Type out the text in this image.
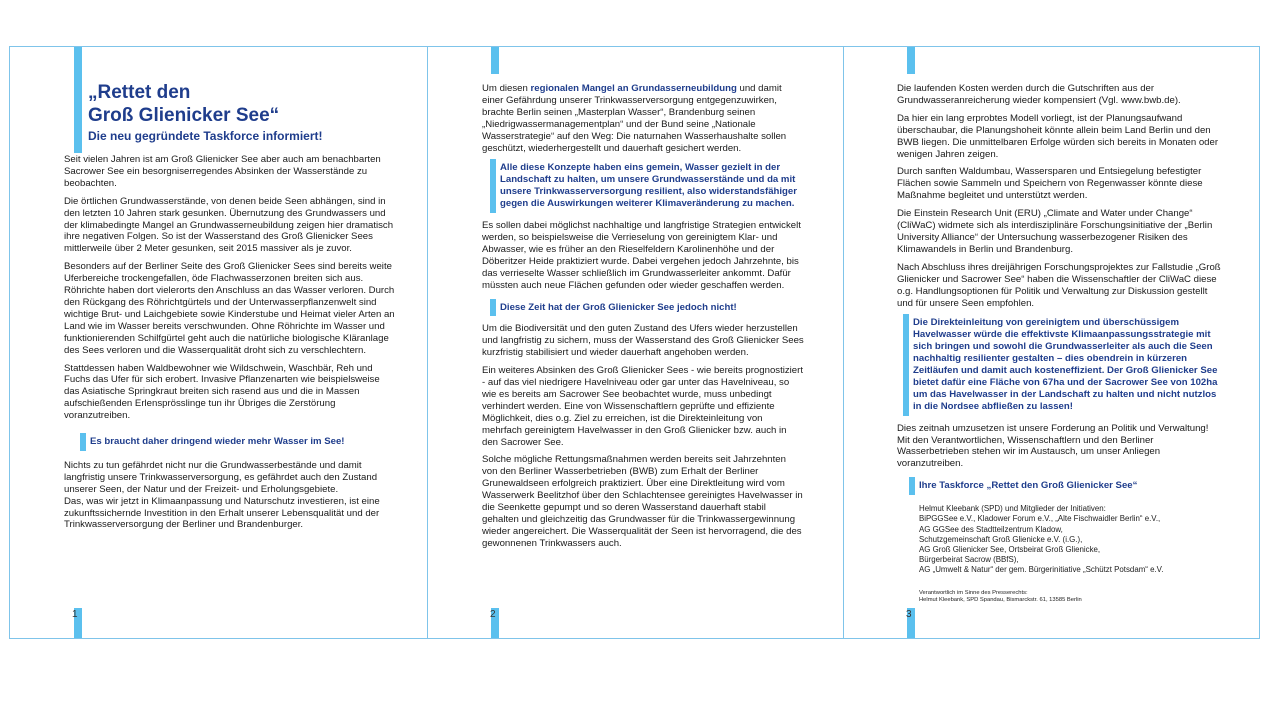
„Rettet den
Groß Glienicker See“
Die neu gegründete Taskforce informiert!

Seit vielen Jahren ist am Groß Glienicker See aber auch am benachbarten Sacrower See ein besorgniserregendes Absinken der Wasserstände zu beobachten.

Die örtlichen Grundwasserstände, von denen beide Seen abhängen, sind in den letzten 10 Jahren stark gesunken. Übernutzung des Grundwassers und der klimabedingte Mangel an Grundwasserneubildung zeigen hier dramatisch ihre negativen Folgen. So ist der Wasserstand des Groß Glienicker Sees mittlerweile über 2 Meter gesunken, seit 2015 massiver als je zuvor.

Besonders auf der Berliner Seite des Groß Glienicker Sees sind bereits weite Uferbereiche trockengefallen, öde Flachwasserzonen breiten sich aus. Röhrichte haben dort vielerorts den Anschluss an das Wasser verloren. Durch den Rückgang des Röhrichtgürtels und der Unterwasserpflanzenwelt sind wichtige Brut- und Laichgebiete sowie Kinderstube und Heimat vieler Arten an Land wie im Wasser bereits verschwunden. Ohne Röhrichte im Wasser und funktionierenden Schilfgürtel geht auch die natürliche biologische Kläranlage des Sees verloren und die Wasserqualität droht sich zu verschlechtern.

Stattdessen haben Waldbewohner wie Wildschwein, Waschbär, Reh und Fuchs das Ufer für sich erobert. Invasive Pflanzenarten wie beispielsweise das Asiatische Springkraut breiten sich rasend aus und die in Massen aufschießenden Erlensprösslinge tun ihr Übriges die Zerstörung voranzutreiben.

Es braucht daher dringend wieder mehr Wasser im See!
Nichts zu tun gefährdet nicht nur die Grundwasserbestände und damit langfristig unsere Trinkwasserversorgung, es gefährdet auch den Zustand unserer Seen, der Natur und der Freizeit- und Erholungsgebiete.
Das, was wir jetzt in Klimaanpassung und Naturschutz investieren, ist eine zukunftssichernde Investition in den Erhalt unserer Lebensqualität und der Trinkwasserversorgung der Berliner und Brandenburger.
1

Um diesen regionalen Mangel an Grundasserneubildung und damit einer Gefährdung unserer Trinkwasserversorgung entgegenzuwirken, brachte Berlin seinen „Masterplan Wasser“, Brandenburg seinen „Niedrigwassermanagementplan“ und der Bund seine „Nationale Wasserstrategie“ auf den Weg: Die naturnahen Wasserhaushalte sollen geschützt, wiederhergestellt und dauerhaft gesichert werden.

Alle diese Konzepte haben eins gemein, Wasser gezielt in der Landschaft zu halten, um unsere Grundwasserstände und da mit unsere Trinkwasserversorgung resilient, also widerstandsfähiger gegen die Auswirkungen weiterer Klimaveränderung zu machen.

Es sollen dabei möglichst nachhaltige und langfristige Strategien entwickelt werden, so beispielsweise die Verrieselung von gereinigtem Klar- und Abwasser, wie es früher an den Rieselfeldern Karolinenhöhe und der Döberitzer Heide praktiziert wurde. Dabei vergehen jedoch Jahrzehnte, bis das verrieselte Wasser schließlich im Grundwasserleiter ankommt. Dafür müssten auch neue Flächen gefunden oder wieder geschaffen werden.

Diese Zeit hat der Groß Glienicker See jedoch nicht!

Um die Biodiversität und den guten Zustand des Ufers wieder herzustellen und langfristig zu sichern, muss der Wasserstand des Groß Glienicker Sees kurzfristig stabilisiert und wieder dauerhaft angehoben werden.

Ein weiteres Absinken des Groß Glienicker Sees - wie bereits prognostiziert - auf das viel niedrigere Havelniveau oder gar unter das Havelniveau, so wie es bereits am Sacrower See beobachtet wurde, muss unbedingt verhindert werden. Eine von Wissenschaftlern geprüfte und effiziente Möglichkeit, dies o.g. Ziel zu erreichen, ist die Direkteinleitung von mehrfach gereinigtem Havelwasser in den Groß Glienicker bzw. auch in den Sacrower See.

Solche mögliche Rettungsmaßnahmen werden bereits seit Jahrzehnten von den Berliner Wasserbetrieben (BWB) zum Erhalt der Berliner Grunewaldseen erfolgreich praktiziert. Über eine Direktleitung wird vom Wasserwerk Beelitzhof über den Schlachtensee gereinigtes Havelwasser in die Seenkette gepumpt und so deren Wasserstand dauerhaft stabil gehalten und gleichzeitig das Grundwasser für die Trinkwassergewinnung wieder angereichert. Die Wasserqualität der Seen ist hervorragend, die des gewonnenen Trinkwassers auch.

2

Die laufenden Kosten werden durch die Gutschriften aus der Grundwasseranreicherung wieder kompensiert (Vgl. www.bwb.de).

Da hier ein lang erprobtes Modell vorliegt, ist der Planungsaufwand überschaubar, die Planungshoheit könnte allein beim Land Berlin und den BWB liegen. Die unmittelbaren Erfolge würden sich bereits in Monaten oder wenigen Jahren zeigen.

Durch sanften Waldumbau, Wassersparen und Entsiegelung befestigter Flächen sowie Sammeln und Speichern von Regenwasser könnte diese Maßnahme begleitet und unterstützt werden.

Die Einstein Research Unit (ERU) „Climate and Water under Change“ (CliWaC) widmete sich als interdisziplinäre Forschungsinitiative der „Berlin University Alliance“ der Untersuchung wasserbezogener Risiken des Klimawandels in Berlin und Brandenburg.

Nach Abschluss ihres dreijährigen Forschungsprojektes zur Fallstudie „Groß Glienicker und Sacrower See“ haben die Wissenschaftler der CliWaC diese o.g. Handlungsoptionen für Politik und Verwaltung zur Diskussion gestellt und für unsere Seen empfohlen.

Die Direkteinleitung von gereinigtem und überschüssigem Havelwasser würde die effektivste Klimaanpassungsstrategie mit sich bringen und sowohl die Grundwasserleiter als auch die Seen nachhaltig resilienter gestalten – dies obendrein in kürzeren Zeitläufen und damit auch kosteneffizient. Der Groß Glienicker See bietet dafür eine Fläche von 67ha und der Sacrower See von 102ha um das Havelwasser in der Landschaft zu halten und nicht nutzlos in die Nordsee abfließen zu lassen!

Dies zeitnah umzusetzen ist unsere Forderung an Politik und Verwaltung! Mit den Verantwortlichen, Wissenschaftlern und den Berliner Wasserbetrieben stehen wir im Austausch, um unser Anliegen voranzutreiben.

Ihre Taskforce „Rettet den Groß Glienicker See“
Helmut Kleebank (SPD) und Mitglieder der Initiativen:
BiPGGSee e.V., Kladower Forum e.V., „Alte Fischwaidler Berlin“ e.V.,
AG GGSee des Stadtteilzentrum Kladow,
Schutzgemeinschaft Groß Glienicke e.V. (i.G.),
AG Groß Glienicker See, Ortsbeirat Groß Glienicke,
Bürgerbeirat Sacrow (BBfS),
AG „Umwelt & Natur“ der gem. Bürgerinitiative „Schützt Potsdam“ e.V.
Verantwortlich im Sinne des Presserechts:
Helmut Kleebank, SPD Spandau, Bismarckstr. 61, 13585 Berlin
3
